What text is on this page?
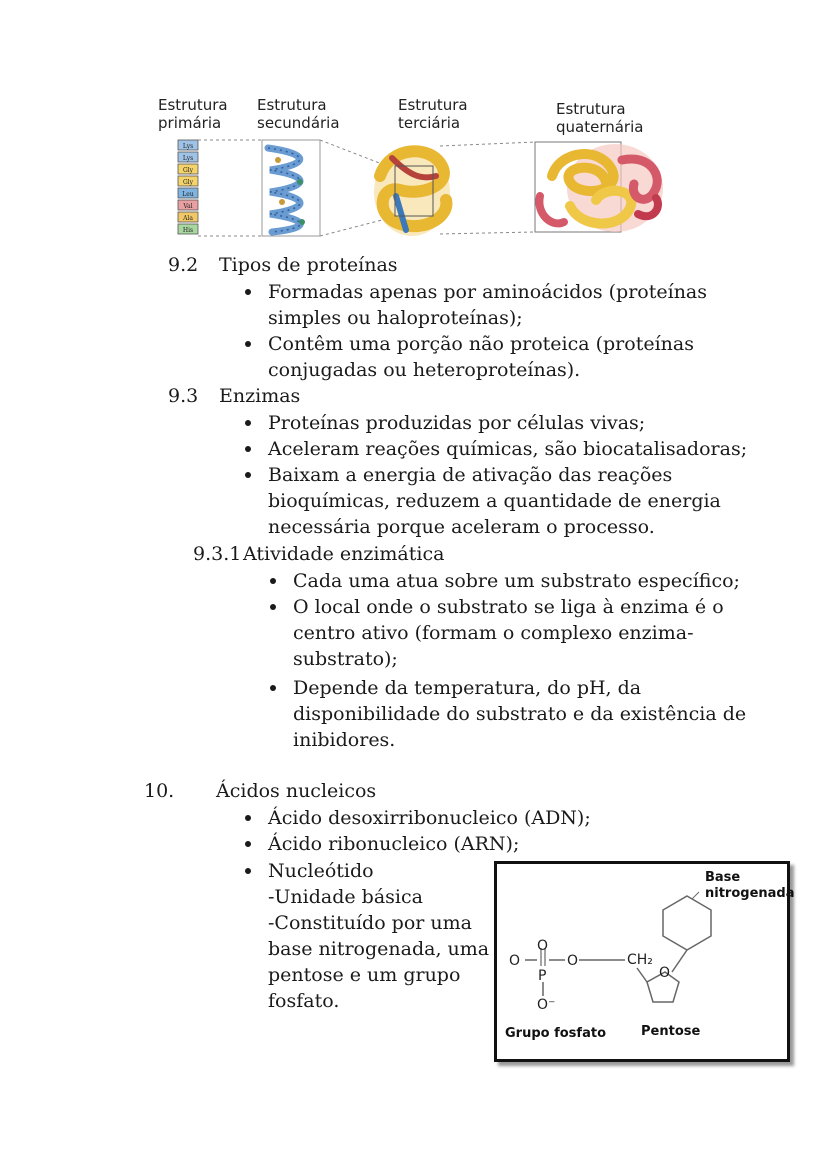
Estrutura
primária
Estrutura
secundária
Estrutura
terciária
Estrutura
quaternária
Lys
Lys
Gly
Gly
Leu
Val
Ala
His
9.2 Tipos de proteínas
Formadas apenas por aminoácidos (proteínas
simples ou haloproteínas);
Contêm uma porção não proteica (proteínas
conjugadas ou heteroproteínas).
9.3 Enzimas
Proteínas produzidas por células vivas;
Aceleram reações químicas, são biocatalisadoras;
Baixam a energia de ativação das reações
bioquímicas, reduzem a quantidade de energia
necessária porque aceleram o processo.
9.3.1 Atividade enzimática
Cada uma atua sobre um substrato específico;
O local onde o substrato se liga à enzima é o
centro ativo (formam o complexo enzima-
substrato);
Depende da temperatura, do pH, da
disponibilidade do substrato e da existência de
inibidores.
10. Ácidos nucleicos
Ácido desoxirribonucleico (ADN);
Ácido ribonucleico (ARN);
Nucleótido
-Unidade básica
-Constituído por uma
base nitrogenada, uma
pentose e um grupo
fosfato.
Base
nitrogenada
Grupo fosfato	Pentose
O
O
P
O
O⁻
CH₂
O
